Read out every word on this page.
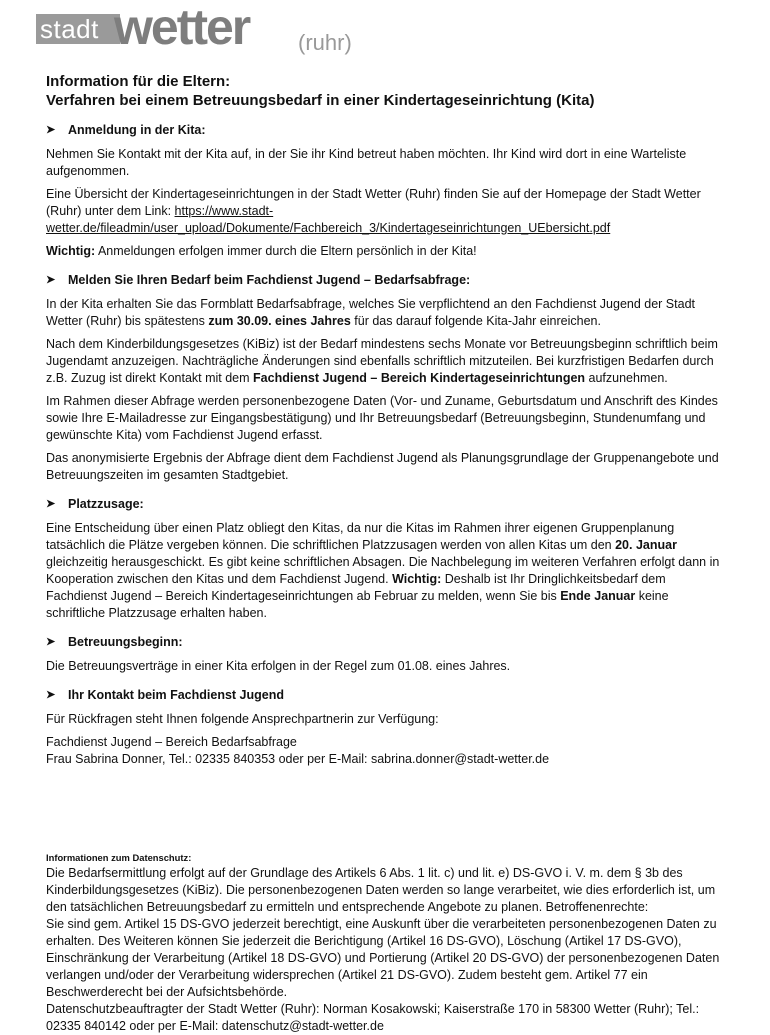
stadt wetter (ruhr)
Information für die Eltern:
Verfahren bei einem Betreuungsbedarf in einer Kindertageseinrichtung (Kita)
➤	Anmeldung in der Kita:

Nehmen Sie Kontakt mit der Kita auf, in der Sie ihr Kind betreut haben möchten. Ihr Kind wird dort in eine Warteliste aufgenommen.

Eine Übersicht der Kindertageseinrichtungen in der Stadt Wetter (Ruhr) finden Sie auf der Homepage der Stadt Wetter (Ruhr) unter dem Link: https://www.stadt-wetter.de/fileadmin/user_upload/Dokumente/Fachbereich_3/Kindertageseinrichtungen_UEbersicht.pdf

Wichtig: Anmeldungen erfolgen immer durch die Eltern persönlich in der Kita!

➤	Melden Sie Ihren Bedarf beim Fachdienst Jugend – Bedarfsabfrage:

In der Kita erhalten Sie das Formblatt Bedarfsabfrage, welches Sie verpflichtend an den Fachdienst Jugend der Stadt Wetter (Ruhr) bis spätestens zum 30.09. eines Jahres für das darauf folgende Kita-Jahr einreichen.

Nach dem Kinderbildungsgesetzes (KiBiz) ist der Bedarf mindestens sechs Monate vor Betreuungsbeginn schriftlich beim Jugendamt anzuzeigen. Nachträgliche Änderungen sind ebenfalls schriftlich mitzuteilen. Bei kurzfristigen Bedarfen durch z.B. Zuzug ist direkt Kontakt mit dem Fachdienst Jugend – Bereich Kindertageseinrichtungen aufzunehmen.

Im Rahmen dieser Abfrage werden personenbezogene Daten (Vor- und Zuname, Geburtsdatum und Anschrift des Kindes sowie Ihre E-Mailadresse zur Eingangsbestätigung) und Ihr Betreuungsbedarf (Betreuungsbeginn, Stundenumfang und gewünschte Kita) vom Fachdienst Jugend erfasst.

Das anonymisierte Ergebnis der Abfrage dient dem Fachdienst Jugend als Planungsgrundlage der Gruppenangebote und Betreuungszeiten im gesamten Stadtgebiet.

➤	Platzzusage:

Eine Entscheidung über einen Platz obliegt den Kitas, da nur die Kitas im Rahmen ihrer eigenen Gruppenplanung tatsächlich die Plätze vergeben können. Die schriftlichen Platzzusagen werden von allen Kitas um den 20. Januar gleichzeitig herausgeschickt. Es gibt keine schriftlichen Absagen. Die Nachbelegung im weiteren Verfahren erfolgt dann in Kooperation zwischen den Kitas und dem Fachdienst Jugend. Wichtig: Deshalb ist Ihr Dringlichkeitsbedarf dem Fachdienst Jugend – Bereich Kindertageseinrichtungen ab Februar zu melden, wenn Sie bis Ende Januar keine schriftliche Platzzusage erhalten haben.

➤	Betreuungsbeginn:

Die Betreuungsverträge in einer Kita erfolgen in der Regel zum 01.08. eines Jahres.

➤	Ihr Kontakt beim Fachdienst Jugend

Für Rückfragen steht Ihnen folgende Ansprechpartnerin zur Verfügung:

Fachdienst Jugend – Bereich Bedarfsabfrage

Frau Sabrina Donner, Tel.: 02335 840353 oder per E-Mail: sabrina.donner@stadt-wetter.de

Informationen zum Datenschutz:

Die Bedarfsermittlung erfolgt auf der Grundlage des Artikels 6 Abs. 1 lit. c) und lit. e) DS-GVO i. V. m. dem § 3b des Kinderbildungsgesetzes (KiBiz). Die personenbezogenen Daten werden so lange verarbeitet, wie dies erforderlich ist, um den tatsächlichen Betreuungsbedarf zu ermitteln und entsprechende Angebote zu planen. Betroffenenrechte:

Sie sind gem. Artikel 15 DS-GVO jederzeit berechtigt, eine Auskunft über die verarbeiteten personenbezogenen Daten zu erhalten. Des Weiteren können Sie jederzeit die Berichtigung (Artikel 16 DS-GVO), Löschung (Artikel 17 DS-GVO), Einschränkung der Verarbeitung (Artikel 18 DS-GVO) und Portierung (Artikel 20 DS-GVO) der personenbezogenen Daten verlangen und/oder der Verarbeitung widersprechen (Artikel 21 DS-GVO). Zudem besteht gem. Artikel 77 ein Beschwerderecht bei der Aufsichtsbehörde.

Datenschutzbeauftragter der Stadt Wetter (Ruhr): Norman Kosakowski; Kaiserstraße 170 in 58300 Wetter (Ruhr); Tel.: 02335 840142 oder per E-Mail: datenschutz@stadt-wetter.de
